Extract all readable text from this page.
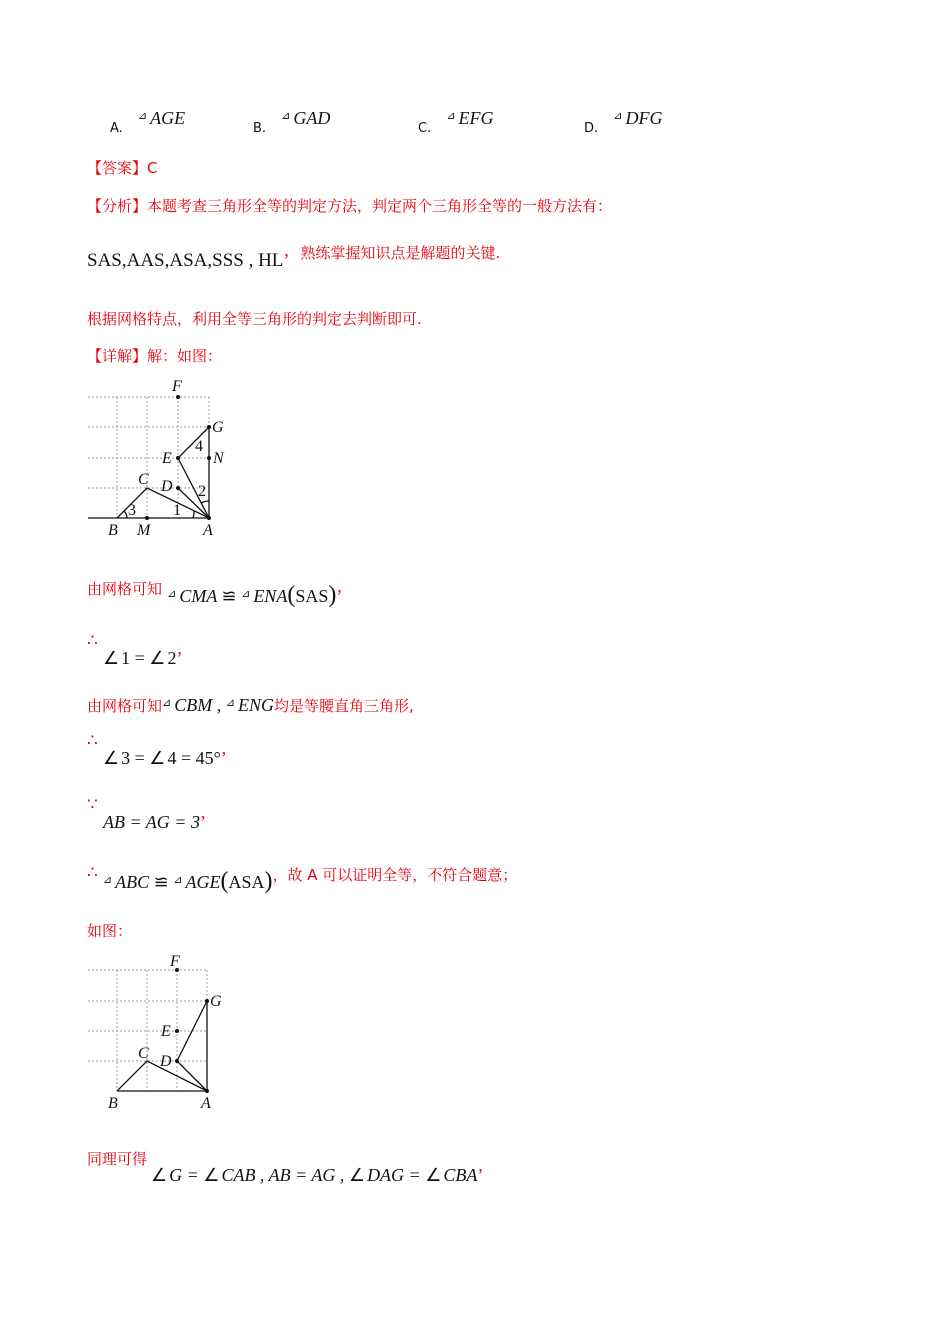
A. ⊿ AGE
B. ⊿ GAD
C. ⊿ EFG
D. ⊿ DFG
【答案】C
【分析】本题考查三角形全等的判定方法，判定两个三角形全等的一般方法有：
SAS,AAS,ASA,SSS , HL’ 熟练掌握知识点是解题的关键.
根据网格特点，利用全等三角形的判定去判断即可.
【详解】解：如图：
F
G
E	N
C D
B M	A
1
2
3
4
由网格可知 ⊿ CMA ≌ ⊿ ENA(SAS)’
∴
∠ 1 = ∠ 2’
由网格可知⊿ CBM , ⊿ ENG均是等腰直角三角形,
∴
∠ 3 = ∠ 4 = 45°’
∵
AB = AG = 3’
∴ ⊿ ABC ≌ ⊿ AGE(ASA)，故 A 可以证明全等，不符合题意；
如图：
F
G
E
C D
B	A
同理可得
∠ G = ∠ CAB , AB = AG , ∠ DAG = ∠ CBA’
